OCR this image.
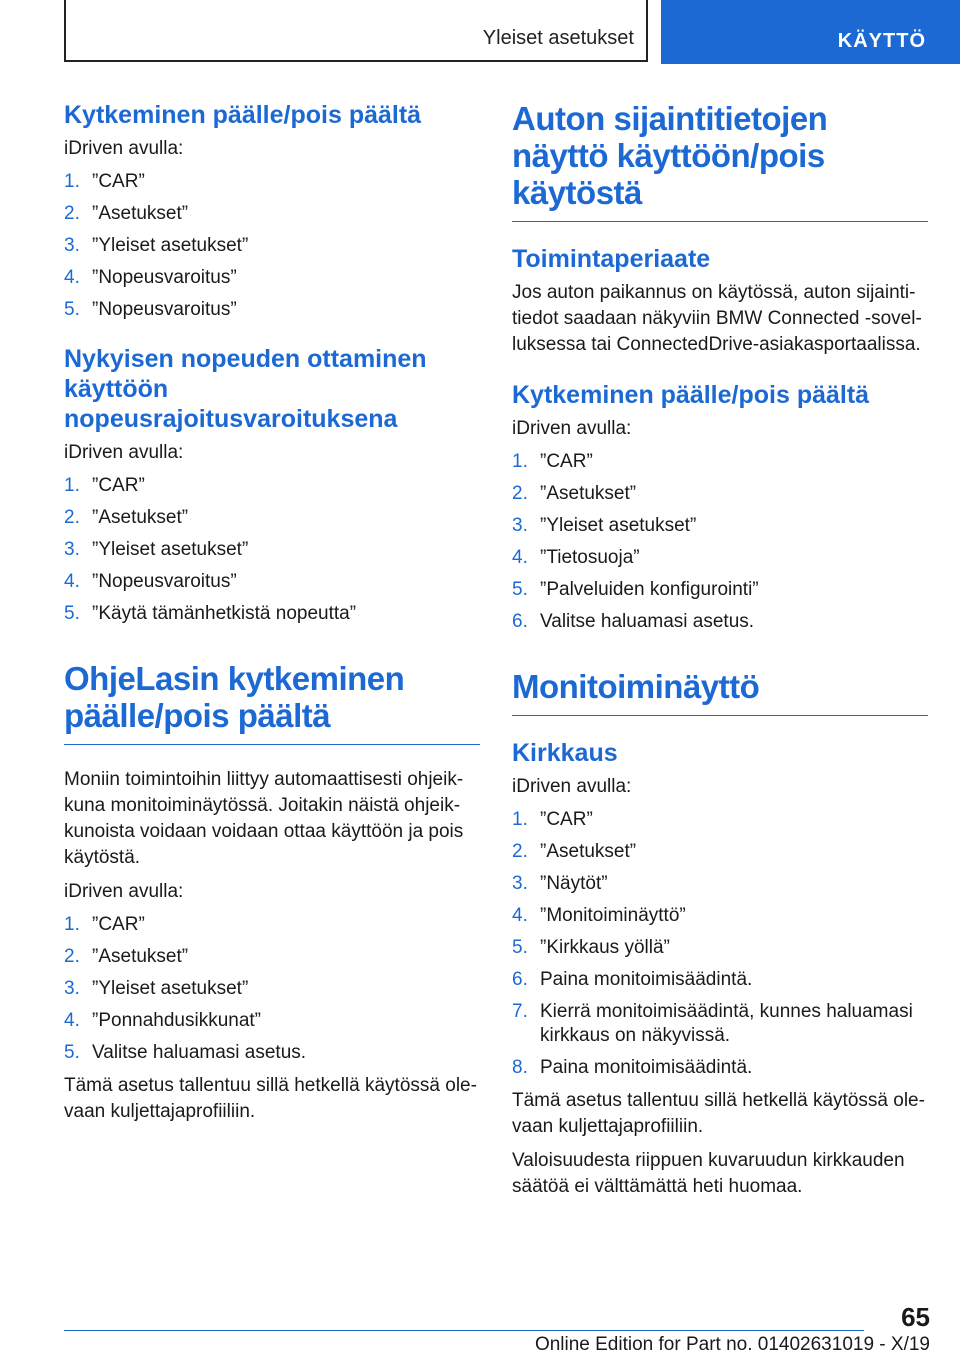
Yleiset asetukset	KÄYTTÖ
Kytkeminen päälle/pois päältä

iDriven avulla:

1. ”CAR”
2. ”Asetukset”
3. ”Yleiset asetukset”
4. ”Nopeusvaroitus”
5. ”Nopeusvaroitus”
Nykyisen nopeuden ottaminen käyttöön nopeusrajoitusvaroituksena

iDriven avulla:

1. ”CAR”
2. ”Asetukset”
3. ”Yleiset asetukset”
4. ”Nopeusvaroitus”
5. ”Käytä tämänhetkistä nopeutta”
OhjeLasin kytkeminen päälle/pois päältä

Moniin toimintoihin liittyy automaattisesti ohjeikkuna monitoiminäytössä. Joitakin näistä ohjeikkunoista voidaan voidaan ottaa käyttöön ja pois käytöstä.

iDriven avulla:

1. ”CAR”
2. ”Asetukset”
3. ”Yleiset asetukset”
4. ”Ponnahdusikkunat”
5. Valitse haluamasi asetus.

Tämä asetus tallentuu sillä hetkellä käytössä olevaan kuljettajaprofiiliin.

Auton sijaintitietojen näyttö käyttöön/pois käytöstä
Toimintaperiaate

Jos auton paikannus on käytössä, auton sijaintitiedot saadaan näkyviin BMW Connected -sovelluksessa tai ConnectedDrive-asiakasportaalissa.

Kytkeminen päälle/pois päältä

iDriven avulla:

1. ”CAR”
2. ”Asetukset”
3. ”Yleiset asetukset”
4. ”Tietosuoja”
5. ”Palveluiden konfigurointi”
6. Valitse haluamasi asetus.
Monitoiminäyttö
Kirkkaus

iDriven avulla:

1. ”CAR”
2. ”Asetukset”
3. ”Näytöt”
4. ”Monitoiminäyttö”
5. ”Kirkkaus yöllä”
6. Paina monitoimisäädintä.
7. Kierrä monitoimisäädintä, kunnes haluamasi kirkkaus on näkyvissä.
8. Paina monitoimisäädintä.

Tämä asetus tallentuu sillä hetkellä käytössä olevaan kuljettajaprofiiliin.

Valoisuudesta riippuen kuvaruudun kirkkauden säätöä ei välttämättä heti huomaa.

65
Online Edition for Part no. 01402631019 - X/19
